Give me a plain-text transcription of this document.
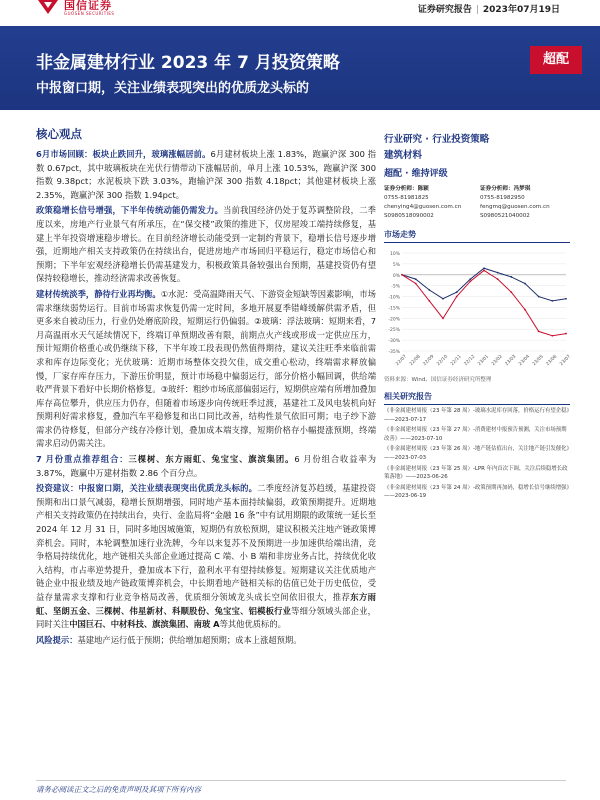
国信证券
GUOSEN SECURITIES	证券研究报告 | 2023年07月19日
非金属建材行业 2023 年 7 月投资策略
中报窗口期，关注业绩表现突出的优质龙头标的
超配
核心观点

6月市场回顾：板块止跌回升，玻璃涨幅居前。6月建材板块上涨 1.83%，跑赢沪深 300 指数 0.67pct，其中玻璃板块在光伏行情带动下涨幅居前，单月上涨 10.53%，跑赢沪深 300 指数 9.38pct；水泥板块下跌 3.03%，跑输沪深 300 指数 4.18pct；其他建材板块上涨 2.35%，跑赢沪深 300 指数 1.94pct。

政策稳增长信号增强，下半年传统动能仍需发力。当前我国经济仍处于复苏调整阶段，二季度以来，房地产行业景气有所承压，在“保交楼”政策的推进下，仅房屋竣工端持续修复，基建上半年投资增速稳步增长。在目前经济增长动能受到一定制约背景下，稳增长信号逐步增强，近期地产相关支持政策仍在持续出台，促进房地产市场回归平稳运行，稳定市场信心和预期；下半年宏观经济稳增长仍需基建发力，积极政策具备较强出台预期，基建投资仍有望保持较稳增长，推动经济需求改善恢复。

建材传统淡季，静待行业再均衡。①水泥：受高温降雨天气、下游资金短缺等因素影响，市场需求继续弱势运行。目前市场需求恢复仍需一定时间，多地开展夏季错峰缓解供需矛盾，但更多来自被动压力，行业仍处磨底阶段，短期运行仍偏弱。②玻璃：浮法玻璃：短期来看，7 月高温雨水天气延续情况下，终端订单预期改善有限，前期点火产线或形成一定供应压力，预计短期价格重心或仍继续下移，下半年竣工段表现仍然值得期待，建议关注旺季来临前需求和库存边际变化；光伏玻璃：近期市场整体交投欠佳，成交重心松动，终端需求释放偏慢，厂家存库存压力，下游压价明显，预计市场稳中偏弱运行，部分价格小幅回调，供给端收严背景下看好中长期价格修复。③玻纤：粗纱市场底部偏弱运行，短期供应端有所增加叠加库存高位攀升，供应压力仍存，但随着市场逐步向传统旺季过渡，基建社工及风电装机向好预期利好需求修复，叠加汽车平稳修复和出口同比改善，结构性景气依旧可期；电子纱下游需求仍待修复，但部分产线存冷修计划，叠加成本端支撑，短期价格存小幅提涨预期，终端需求启动仍需关注。

7 月份重点推荐组合：三棵树、东方雨虹、兔宝宝、旗滨集团。6 月份组合收益率为 3.87%，跑赢中万建材指数 2.86 个百分点。

投资建议：中报窗口期，关注业绩表现突出优质龙头标的。二季度经济复苏趋缓，基建投资预期和出口景气减弱，稳增长预期增强，同时地产基本面持续偏弱，政策预期提升。近期地产相关支持政策仍在持续出台，央行、金监局将“金融 16 条”中有试用期限的政策统一延长至 2024 年 12 月 31 日，同时多地因城施策，短期仍有放松预期，建议积极关注地产链政策博弈机会。同时，本轮调整加速行业洗牌，今年以来复苏不及预期进一步加速供给端出清，竞争格局持续优化，地产链相关头部企业通过提高 C 端、小 B 端和非房业务占比，持续优化收入结构，市占率逆势提升，叠加成本下行，盈利水平有望持续修复。短期建议关注优质地产链企业中报业绩及地产链政策博弈机会，中长期看地产链相关标的估值已处于历史低位，受益存量需求支撑和行业竞争格局改善，优质细分领域龙头成长空间依旧很大，推荐东方雨虹、坚朗五金、三棵树、伟星新材、科顺股份、兔宝宝、铝模板行业等细分领域头部企业，同时关注中国巨石、中材科技、旗滨集团、南玻 A等其他优质标的。

风险提示：基建地产运行低于预期；供给增加超预期；成本上涨超预期。

行业研究 · 行业投资策略
建筑材料
超配 · 维持评级
证券分析师：陈颖
0755-81981825
chenying4@guosen.com.cn
S0980518090002
证券分析师：冯梦琪
0755-81982950
fengmq@guosen.com.cn
S0980521040002
市场走势
-35%
-30%
-25%
-20%
-15%
-10%
-5%
0%
5%
10%
22/07 22/08 22/09 22/10 22/11 22/12 23/01 23/02 23/03 23/04 23/05 23/06 23/07
资料来源：Wind、国信证券经济研究所整理
相关研究报告
《非金属建材周报（23 年第 28 周）-玻璃水泥库存回落，价格运行有望企稳》——2023-07-17
《非金属建材周报（23 年第 27 周）-消费建材中报预告预测，关注市场预期改善》——2023-07-10
《非金属建材周报（23 年第 26 周）-地产链估值出台，关注地产链引发催化》——2023-07-03
《非金属建材周报（23 年第 25 周）-LPR 年内首次下调，关注后续稳增长政策落地》——2023-06-26
《非金属建材周报（23 年第 24 周）-政策预期再加码，稳增长信号继续增强》——2023-06-19
请务必阅读正文之后的免责声明及其项下所有内容
